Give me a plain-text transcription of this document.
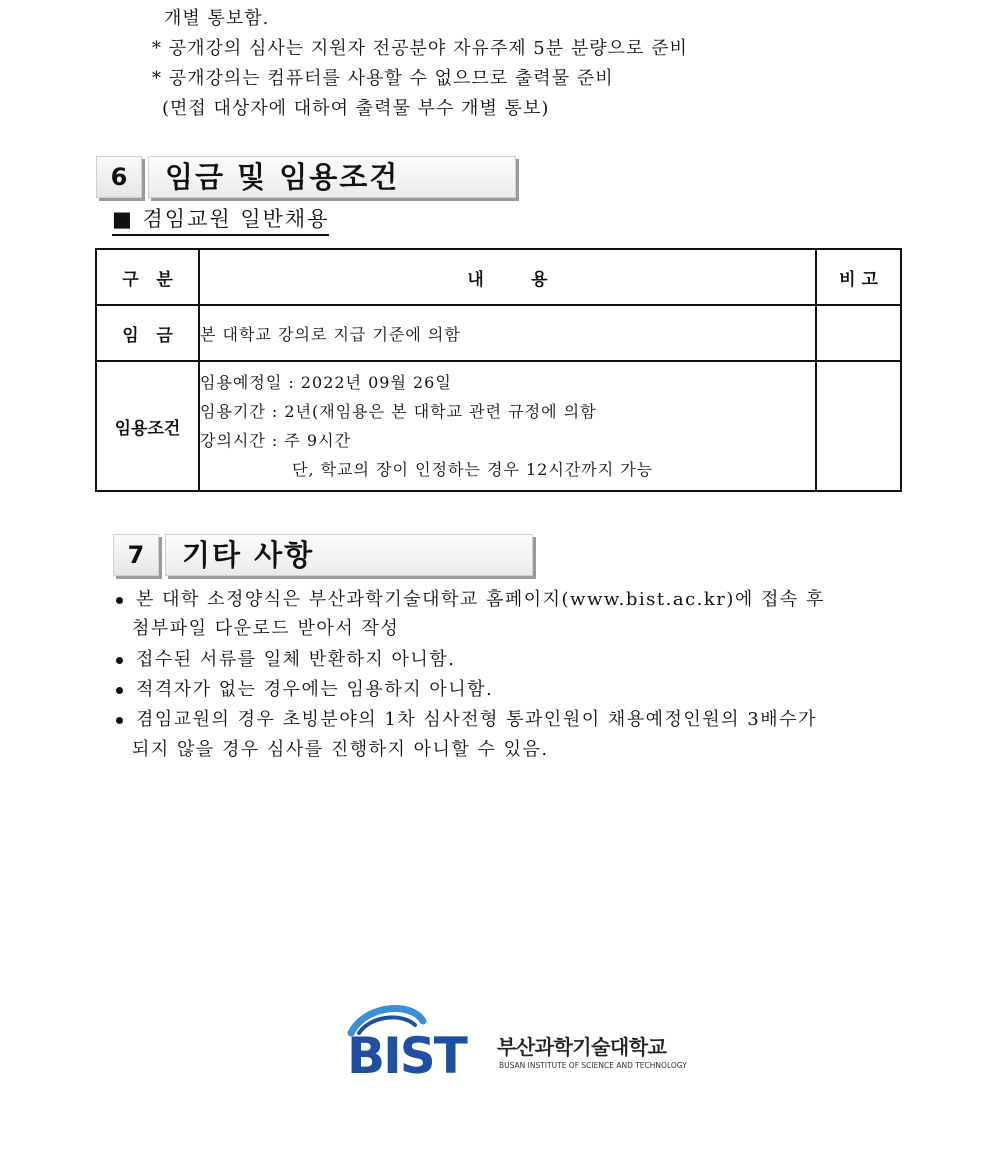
개별 통보함.
* 공개강의 심사는 지원자 전공분야 자유주제 5분 분량으로 준비
* 공개강의는 컴퓨터를 사용할 수 없으므로 출력물 준비
(면접 대상자에 대하여 출력물 부수 개별 통보)
6	임금 및 임용조건
■ 겸임교원 일반채용
구   분	내        용	비 고
임   금	본 대학교 강의로 지급 기준에 의함	
임용조건	임용예정일 : 2022년 09월 26일
임용기간 : 2년(재임용은 본 대학교 관련 규정에 의함
강의시간 : 주 9시간
단, 학교의 장이 인정하는 경우 12시간까지 가능	

7	기타 사항
본 대학 소정양식은 부산과학기술대학교 홈페이지(www.bist.ac.kr)에 접속 후
첨부파일 다운로드 받아서 작성
접수된 서류를 일체 반환하지 아니함.
적격자가 없는 경우에는 임용하지 아니함.
겸임교원의 경우 초빙분야의 1차 심사전형 통과인원이 채용예정인원의 3배수가
되지 않을 경우 심사를 진행하지 아니할 수 있음.
BIST 부산과학기술대학교
BUSAN INSTITUTE OF SCIENCE AND TECHNOLOGY
